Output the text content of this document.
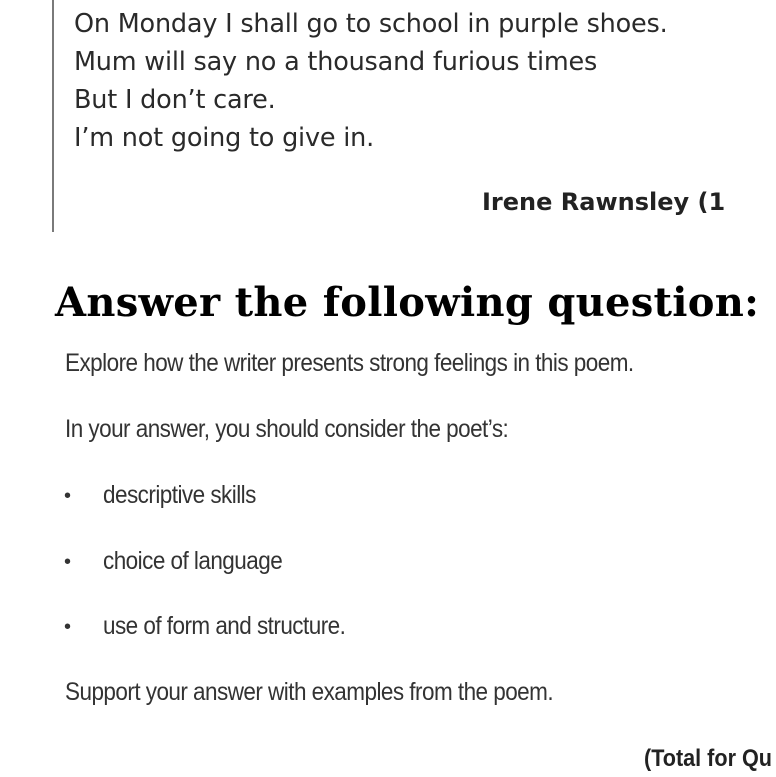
On Monday I shall go to school in purple shoes.
Mum will say no a thousand furious times
But I don’t care.
I’m not going to give in.
Irene Rawnsley (1
Answer the following question:
Explore how the writer presents strong feelings in this poem.
In your answer, you should consider the poet’s:
• descriptive skills
• choice of language
• use of form and structure.
Support your answer with examples from the poem.
(Total for Qu
